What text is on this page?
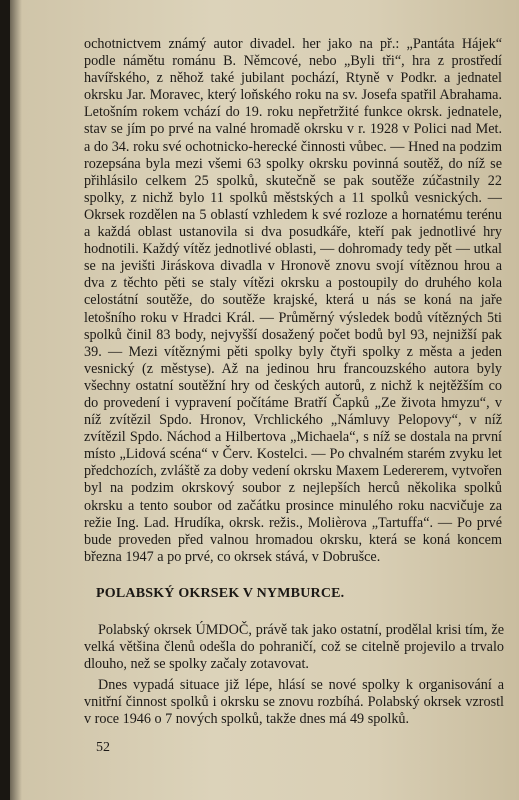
ochotnictvem známý autor divadel. her jako na př.: „Pantáta Hájek“ podle námětu románu B. Němcové, nebo „Byli tři“, hra z prostředí havířského, z něhož také jubilant pochází, Rtyně v Podkr. a jednatel okrsku Jar. Moravec, který loňského roku na sv. Josefa spatřil Abrahama. Letošním rokem vchází do 19. roku nepřetržité funkce okrsk. jednatele, stav se jím po prvé na valné hromadě okrsku v r. 1928 v Polici nad Met. a do 34. roku své ochotnicko-herecké činnosti vůbec. — Hned na podzim rozepsána byla mezi všemi 63 spolky okrsku povinná soutěž, do níž se přihlásilo celkem 25 spolků, skutečně se pak soutěže zúčastnily 22 spolky, z nichž bylo 11 spolků městských a 11 spolků vesnických. — Okrsek rozdělen na 5 oblastí vzhledem k své rozloze a hornatému terénu a každá oblast ustanovila si dva posudkáře, kteří pak jednotlivé hry hodnotili. Každý vítěz jednotlivé oblasti, — dohromady tedy pět — utkal se na jevišti Jiráskova divadla v Hronově znovu svojí vítěznou hrou a dva z těchto pěti se staly vítězi okrsku a postoupily do druhého kola celostátní soutěže, do soutěže krajské, která u nás se koná na jaře letošního roku v Hradci Král. — Průměrný výsledek bodů vítězných 5ti spolků činil 83 body, nejvyšší dosažený počet bodů byl 93, nejnižší pak 39. — Mezi vítěznými pěti spolky byly čtyři spolky z města a jeden vesnický (z městyse). Až na jedinou hru francouzského autora byly všechny ostatní soutěžní hry od českých autorů, z nichž k nejtěžším co do provedení i vypravení počítáme Bratří Čapků „Ze života hmyzu“, v níž zvítězil Spdo. Hronov, Vrchlického „Námluvy Pelopovy“, v níž zvítězil Spdo. Náchod a Hilbertova „Michaela“, s níž se dostala na první místo „Lidová scéna“ v Červ. Kostelci. — Po chvalném starém zvyku let předchozích, zvláště za doby vedení okrsku Maxem Ledererem, vytvořen byl na podzim okrskový soubor z nejlepších herců několika spolků okrsku a tento soubor od začátku prosince minulého roku nacvičuje za režie Ing. Lad. Hrudíka, okrsk. režis., Molièrova „Tartuffa“. — Po prvé bude proveden před valnou hromadou okrsku, která se koná koncem března 1947 a po prvé, co okrsek stává, v Dobrušce.

POLABSKÝ OKRSEK V NYMBURCE.

Polabský okrsek ÚMDOČ, právě tak jako ostatní, prodělal krisi tím, že velká většina členů odešla do pohraničí, což se citelně projevilo a trvalo dlouho, než se spolky začaly zotavovat.

Dnes vypadá situace již lépe, hlásí se nové spolky k organisování a vnitřní činnost spolků i okrsku se znovu rozbíhá. Polabský okrsek vzrostl v roce 1946 o 7 nových spolků, takže dnes má 49 spolků.

52
